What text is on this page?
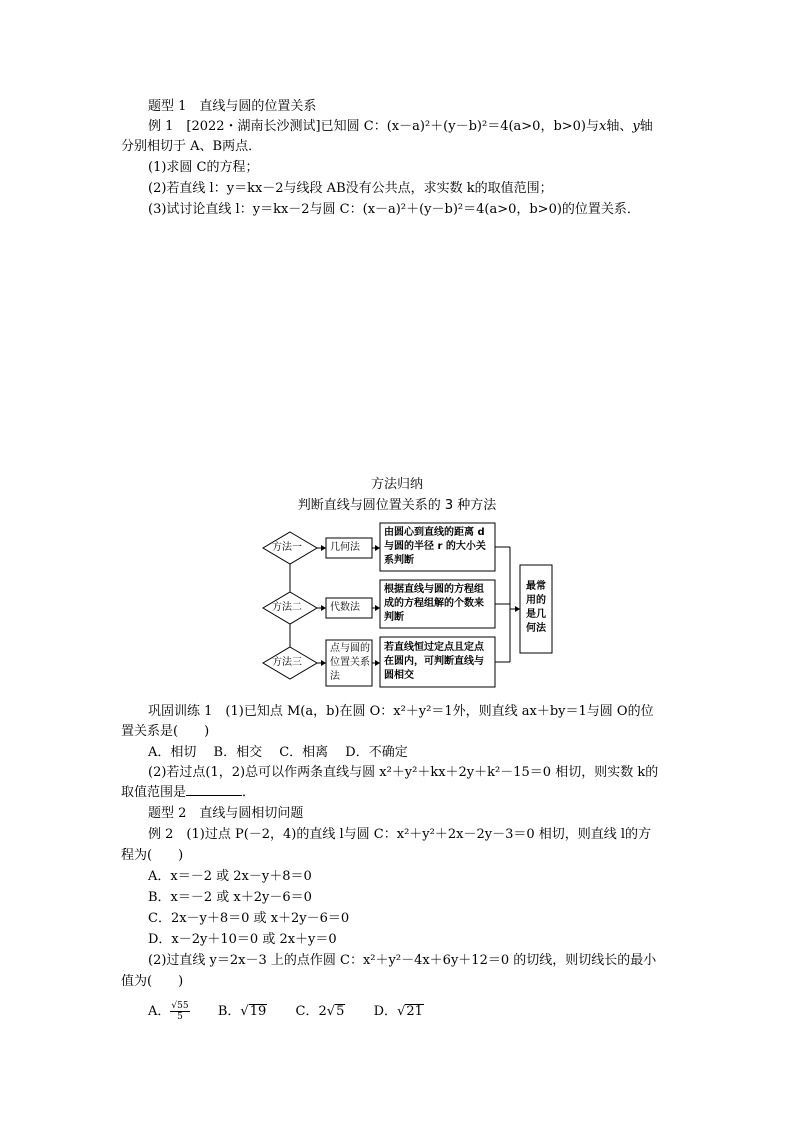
题型 1　直线与圆的位置关系
例 1　[2022・湖南长沙测试]已知圆 C：(x－a)²＋(y－b)²＝4(a>0，b>0)与x轴、y轴
分别相切于 A、B两点．
(1)求圆 C的方程；
(2)若直线 l：y＝kx－2与线段 AB没有公共点，求实数 k的取值范围；
(3)试讨论直线 l：y＝kx－2与圆 C：(x－a)²＋(y－b)²＝4(a>0，b>0)的位置关系．
方法归纳
判断直线与圆位置关系的 3 种方法
方法一
方法二
方法三
几何法
代数法
点与圆的位置关系法
由圆心到直线的距离 d 与圆的半径 r 的大小关系判断
根据直线与圆的方程组成的方程组解的个数来判断
若直线恒过定点且定点在圆内，可判断直线与圆相交
最常用的是几何法
巩固训练 1　(1)已知点 M(a，b)在圆 O：x²＋y²＝1外，则直线 ax＋by＝1与圆 O的位
置关系是(　　)
A．相切　 B．相交　 C．相离　 D．不确定
(2)若过点(1，2)总可以作两条直线与圆 x²＋y²＋kx＋2y＋k²－15＝0 相切，则实数 k的
取值范围是	．
题型 2　直线与圆相切问题
例 2　(1)过点 P(－2，4)的直线 l与圆 C：x²＋y²＋2x－2y－3＝0 相切，则直线 l的方
程为(　　)
A．x＝－2 或 2x－y＋8＝0
B．x＝－2 或 x＋2y－6＝0
C．2x－y＋8＝0 或 x＋2y－6＝0
D．x－2y＋10＝0 或 2x＋y＝0
(2)过直线 y＝2x－3 上的点作圆 C：x²＋y²－4x＋6y＋12＝0 的切线，则切线长的最小
值为(　　)
A． $\frac{√55}{5}$ B．√19 C．2√5 D．√21
